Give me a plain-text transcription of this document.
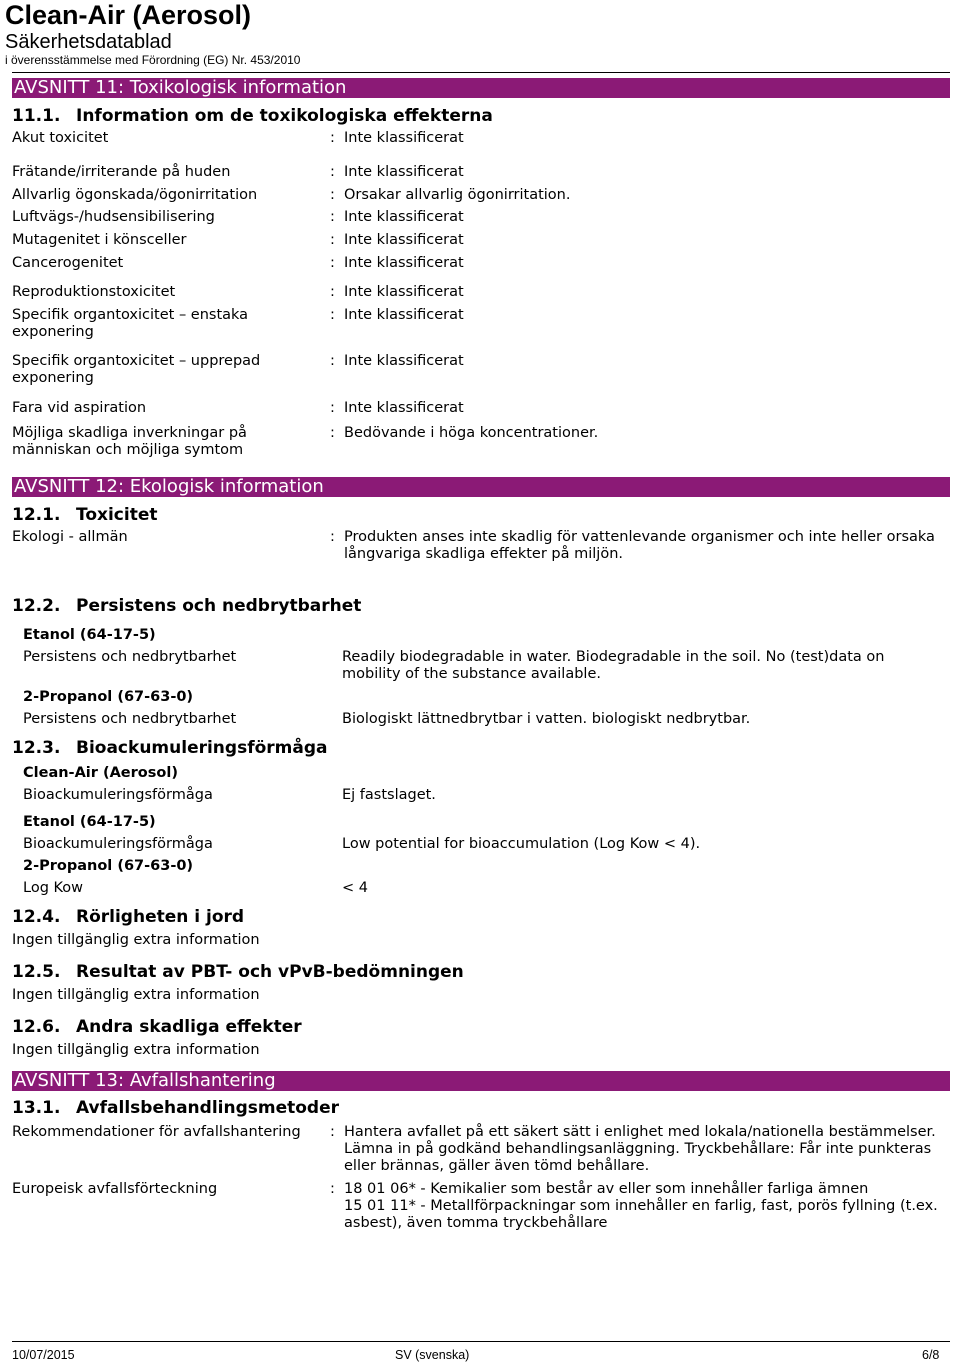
Clean-Air (Aerosol)
Säkerhetsdatablad
i överensstämmelse med Förordning (EG) Nr. 453/2010
AVSNITT 11: Toxikologisk information
11.1. Information om de toxikologiska effekterna
Akut toxicitet	: Inte klassificerat
Frätande/irriterande på huden	: Inte klassificerat
Allvarlig ögonskada/ögonirritation	: Orsakar allvarlig ögonirritation.
Luftvägs-/hudsensibilisering	: Inte klassificerat
Mutagenitet i könsceller	: Inte klassificerat
Cancerogenitet	: Inte klassificerat
Reproduktionstoxicitet	: Inte klassificerat
Specifik organtoxicitet – enstaka exponering
: Inte klassificerat
Specifik organtoxicitet – upprepad exponering
: Inte klassificerat
Fara vid aspiration	: Inte klassificerat
Möjliga skadliga inverkningar på människan och möjliga symtom
: Bedövande i höga koncentrationer.
AVSNITT 12: Ekologisk information
12.1. Toxicitet
Ekologi - allmän	: Produkten anses inte skadlig för vattenlevande organismer och inte heller orsaka långvariga skadliga effekter på miljön.
12.2. Persistens och nedbrytbarhet
Etanol (64-17-5)
Persistens och nedbrytbarhet	Readily biodegradable in water. Biodegradable in the soil. No (test)data on mobility of the substance available.
2-Propanol (67-63-0)
Persistens och nedbrytbarhet	Biologiskt lättnedbrytbar i vatten. biologiskt nedbrytbar.
12.3. Bioackumuleringsförmåga
Clean-Air (Aerosol)
Bioackumuleringsförmåga	Ej fastslaget.
Etanol (64-17-5)
Bioackumuleringsförmåga	Low potential for bioaccumulation (Log Kow < 4).
2-Propanol (67-63-0)
Log Kow	< 4
12.4. Rörligheten i jord
Ingen tillgänglig extra information
12.5. Resultat av PBT- och vPvB-bedömningen
Ingen tillgänglig extra information
12.6. Andra skadliga effekter
Ingen tillgänglig extra information
AVSNITT 13: Avfallshantering
13.1. Avfallsbehandlingsmetoder
Rekommendationer för avfallshantering	: Hantera avfallet på ett säkert sätt i enlighet med lokala/nationella bestämmelser. Lämna in på godkänd behandlingsanläggning. Tryckbehållare: Får inte punkteras eller brännas, gäller även tömd behållare.
Europeisk avfallsförteckning	: 18 01 06* - Kemikalier som består av eller som innehåller farliga ämnen
15 01 11* - Metallförpackningar som innehåller en farlig, fast, porös fyllning (t.ex. asbest), även tomma tryckbehållare
10/07/2015	SV (svenska)	6/8
